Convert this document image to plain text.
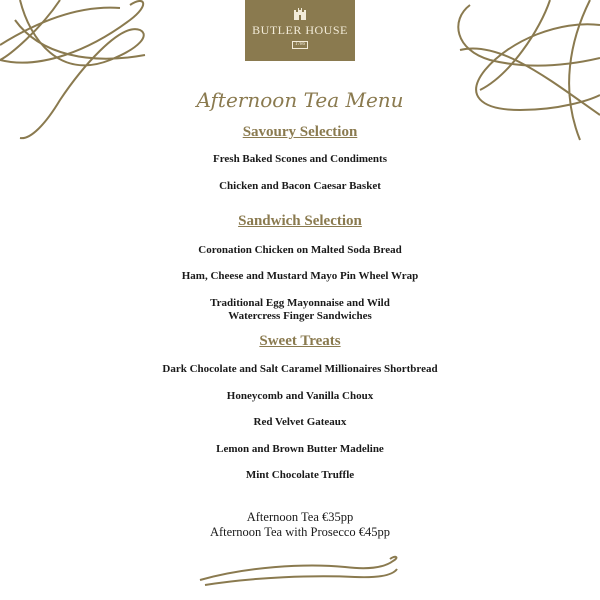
BUTLER HOUSE
1786
Afternoon Tea Menu
Savoury Selection
Fresh Baked Scones and Condiments
Chicken and Bacon Caesar Basket
Sandwich Selection
Coronation Chicken on Malted Soda Bread
Ham, Cheese and Mustard Mayo Pin Wheel Wrap
Traditional Egg Mayonnaise and Wild
Watercress Finger Sandwiches
Sweet Treats
Dark Chocolate and Salt Caramel Millionaires Shortbread
Honeycomb and Vanilla Choux
Red Velvet Gateaux
Lemon and Brown Butter Madeline
Mint Chocolate Truffle
Afternoon Tea €35pp
Afternoon Tea with Prosecco €45pp
